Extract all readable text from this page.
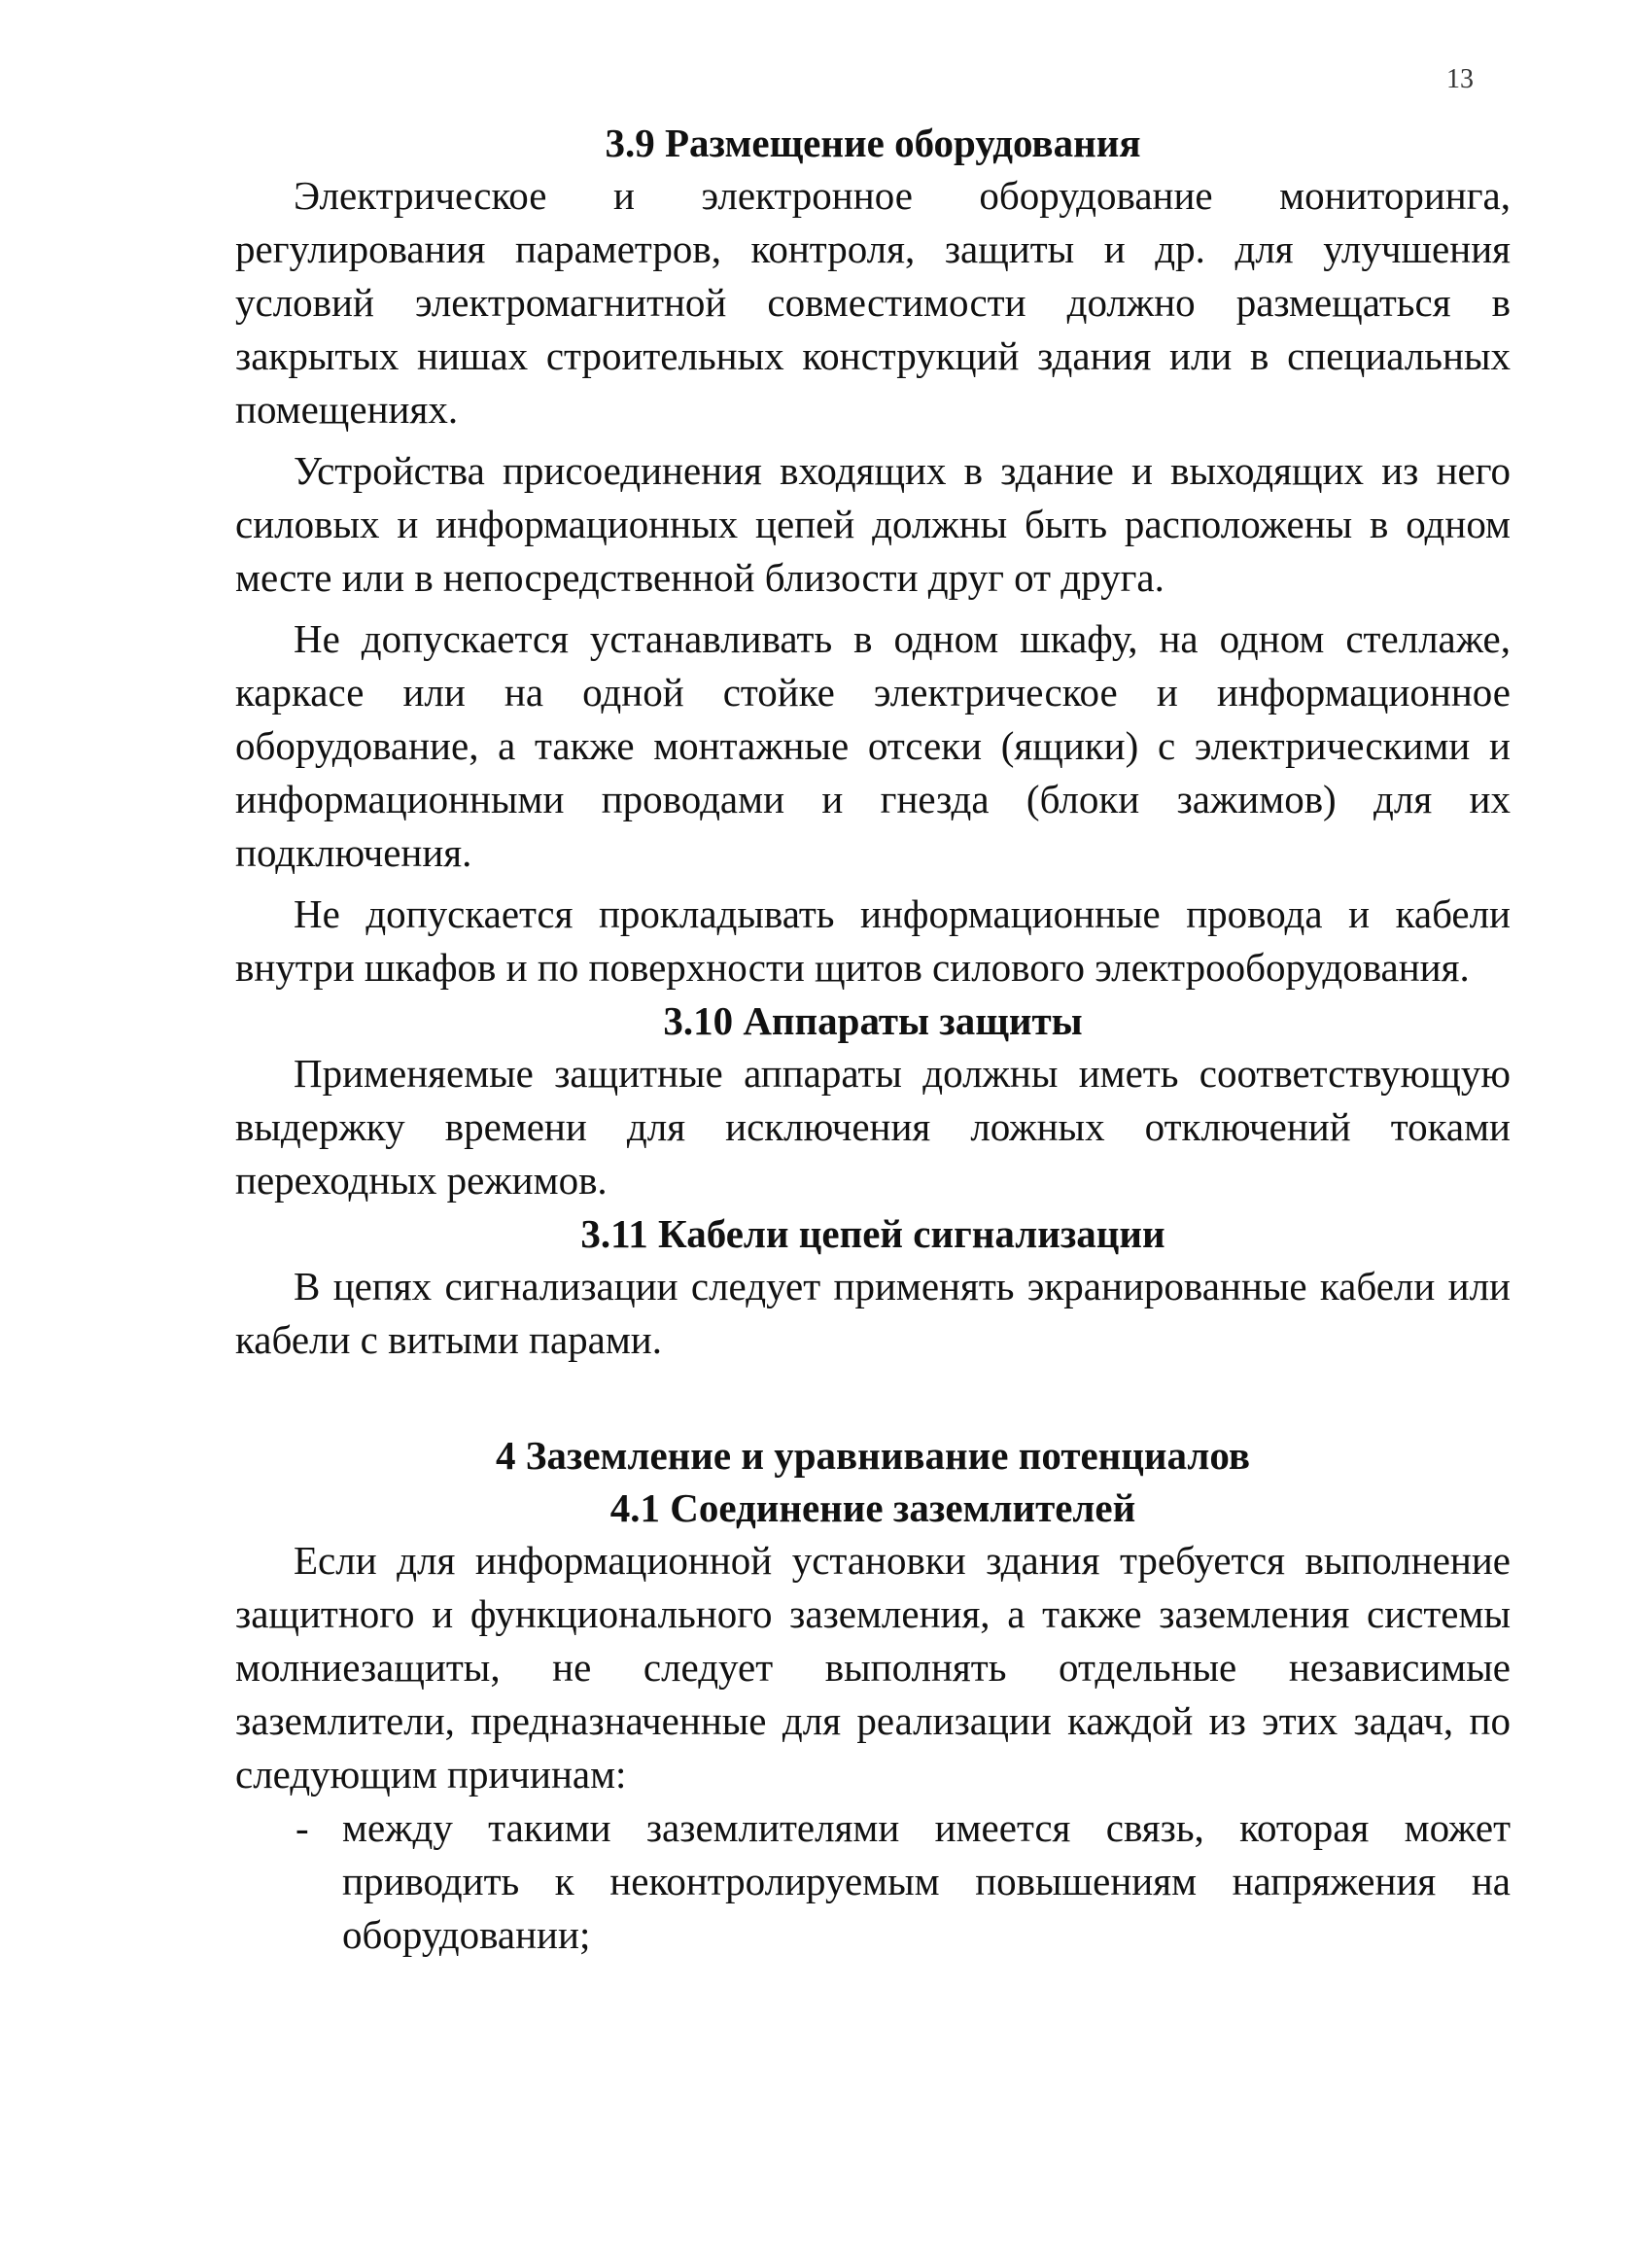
13
3.9 Размещение оборудования

Электрическое и электронное оборудование мониторинга, регулирования параметров, контроля, защиты и др. для улучшения условий электромагнитной совместимости должно размещаться в закрытых нишах строительных конструкций здания или в специальных помещениях.

Устройства присоединения входящих в здание и выходящих из него силовых и информационных цепей должны быть расположены в одном месте или в непосредственной близости друг от друга.

Не допускается устанавливать в одном шкафу, на одном стеллаже, каркасе или на одной стойке электрическое и информационное оборудование, а также монтажные отсеки (ящики) с электрическими и информационными проводами и гнезда (блоки зажимов) для их подключения.

Не допускается прокладывать информационные провода и кабели внутри шкафов и по поверхности щитов силового электрооборудования.

3.10 Аппараты защиты

Применяемые защитные аппараты должны иметь соответствующую выдержку времени для исключения ложных отключений токами переходных режимов.

3.11 Кабели цепей сигнализации

В цепях сигнализации следует применять экранированные кабели или кабели с витыми парами.

4 Заземление и уравнивание потенциалов
4.1 Соединение заземлителей

Если для информационной установки здания требуется выполнение защитного и функционального заземления, а также заземления системы молниезащиты, не следует выполнять отдельные независимые заземлители, предназначенные для реализации каждой из этих задач, по следующим причинам:

- между такими заземлителями имеется связь, которая может приводить к неконтролируемым повышениям напряжения на оборудовании;
